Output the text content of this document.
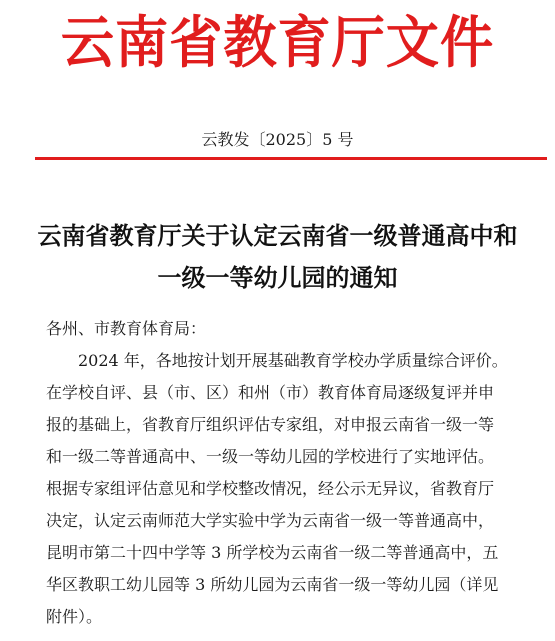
云南省教育厅文件
云教发〔2025〕5 号
云南省教育厅关于认定云南省一级普通高中和
一级一等幼儿园的通知
各州、市教育体育局：
2024 年，各地按计划开展基础教育学校办学质量综合评价。
在学校自评、县（市、区）和州（市）教育体育局逐级复评并申
报的基础上，省教育厅组织评估专家组，对申报云南省一级一等
和一级二等普通高中、一级一等幼儿园的学校进行了实地评估。
根据专家组评估意见和学校整改情况，经公示无异议，省教育厅
决定，认定云南师范大学实验中学为云南省一级一等普通高中，
昆明市第二十四中学等 3 所学校为云南省一级二等普通高中，五
华区教职工幼儿园等 3 所幼儿园为云南省一级一等幼儿园（详见
附件）。
